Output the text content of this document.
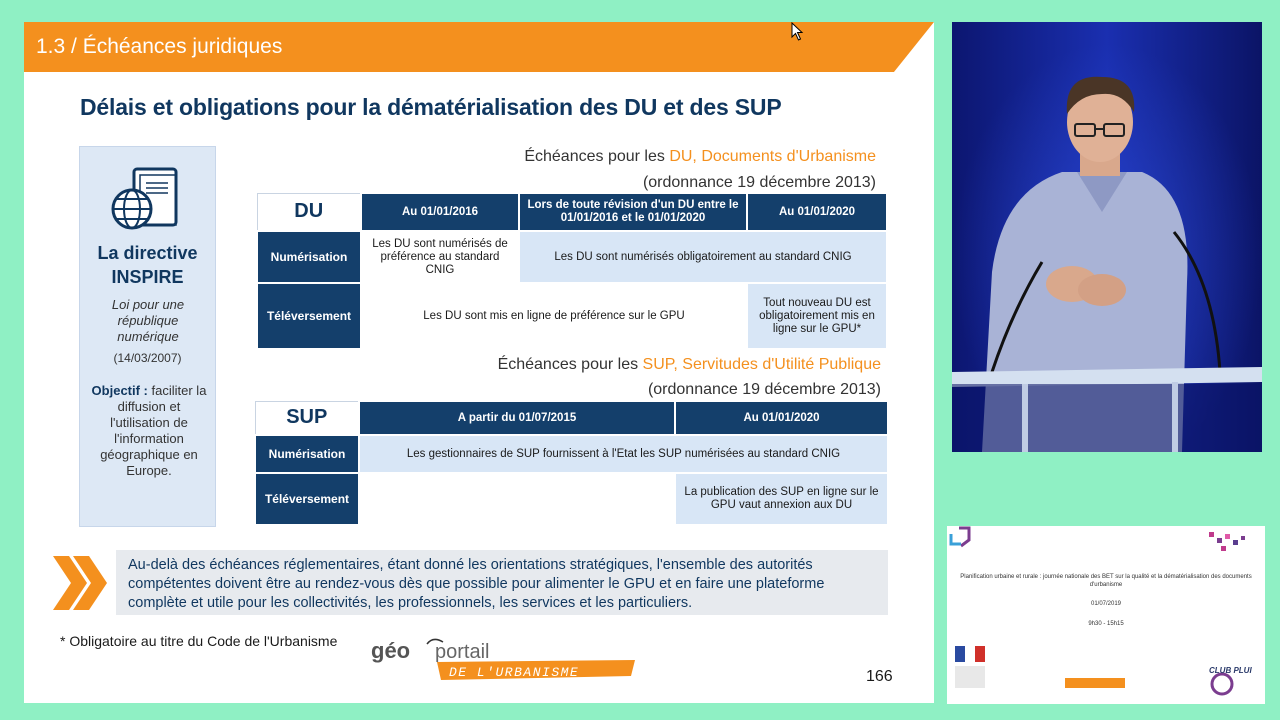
1.3 / Échéances juridiques
Délais et obligations pour la dématérialisation des DU et des SUP
La directive
INSPIRE
Loi pour une république numérique
(14/03/2007)
Objectif : faciliter la diffusion et l'utilisation de l'information géographique en Europe.
Échéances pour les DU, Documents d'Urbanisme
(ordonnance 19 décembre 2013)
DU	Au 01/01/2016	Lors de toute révision d'un DU entre le 01/01/2016 et le 01/01/2020	Au 01/01/2020
Numérisation	Les DU sont numérisés de préférence au standard CNIG	Les DU sont numérisés obligatoirement au standard CNIG	
Téléversement	Les DU sont mis en ligne de préférence sur le GPU		Tout nouveau DU est obligatoirement mis en ligne sur le GPU*
Échéances pour les SUP, Servitudes d'Utilité Publique
(ordonnance 19 décembre 2013)
SUP	A partir du 01/07/2015	Au 01/01/2020
Numérisation	Les gestionnaires de SUP fournissent à l'Etat les SUP numérisées au standard CNIG	
Téléversement		La publication des SUP en ligne sur le GPU vaut annexion aux DU
Au-delà des échéances réglementaires, étant donné les orientations stratégiques, l'ensemble des autorités compétentes doivent être au rendez-vous dès que possible pour alimenter le GPU et en faire une plateforme complète et utile pour les collectivités, les professionnels, les services et les particuliers.
* Obligatoire au titre du Code de l'Urbanisme géo portail
DE L'URBANISME	166
Planification urbaine et rurale : journée nationale des BET sur la qualité et la dématérialisation des documents d'urbanisme
01/07/2019
9h30 - 15h15
CLUB PLUI
